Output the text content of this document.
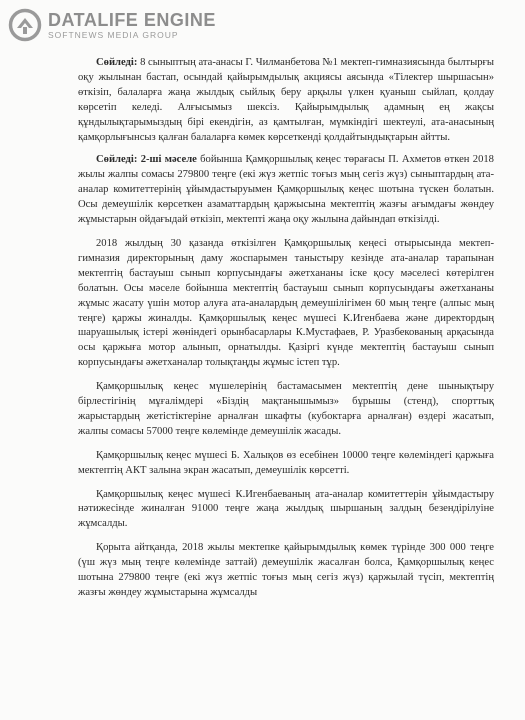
DATALIFE ENGINE
SOFTNEWS MEDIA GROUP

Сөйледі: 8 сыныптың ата-анасы Г. Чилманбетова №1 мектеп-гимназиясында былтырғы оқу жылынан бастап, осындай қайырымдылық акциясы аясында «Тілектер шыршасын» өткізіп, балаларға жаңа жылдық сыйлық беру арқылы үлкен қуаныш сыйлап, қолдау көрсетіп келеді. Алғысымыз шексіз. Қайырымдылық адамның ең жақсы құндылықтарымыздың бірі екендігін, аз қамтылған, мүмкіндігі шектеулі, ата-анасының қамқорлығынсыз қалған балаларға көмек көрсеткенді қолдайтындықтарын айтты.

Сөйледі: 2-ші мәселе бойынша Қамқоршылық кеңес төрағасы П. Ахметов өткен 2018 жылы жалпы сомасы 279800 теңге (екі жүз жетпіс тоғыз мың сегіз жүз) сыныптардың ата-аналар комитеттерінің ұйымдастыруымен Қамқоршылық кеңес шотына түскен болатын. Осы демеушілік көрсеткен азаматтардың қаржысына мектептің жазғы ағымдағы жөндеу жұмыстарын ойдағыдай өткізіп, мектепті жаңа оқу жылына дайындап өткізілді.

2018 жылдың 30 қазанда өткізілген Қамқоршылық кеңесі отырысында мектеп-гимназия директорының даму жоспарымен таныстыру кезінде ата-аналар тарапынан мектептің бастауыш сынып корпусындағы әжетхананы іске қосу мәселесі көтерілген болатын. Осы мәселе бойынша мектептің бастауыш сынып корпусындағы әжетхананы жұмыс жасату үшін мотор алуға ата-аналардың демеушілігімен 60 мың теңге (алпыс мың теңге) қаржы жиналды. Қамқоршылық кеңес мүшесі К.Игенбаева және директордың шаруашылық істері жөніндегі орынбасарлары К.Мустафаев, Р. Уразбекованың арқасында осы қаржыға мотор алынып, орнатылды. Қазіргі күнде мектептің бастауыш сынып корпусындағы әжетханалар толықтаңды жұмыс істеп тұр.

Қамқоршылық кеңес мүшелерінің бастамасымен мектептің дене шынықтыру бірлестігінің мұғалімдері «Біздің мақтанышымыз» бұрышы (стенд), спорттық жарыстардың жетістіктеріне арналған шкафты (кубоктарға арналған) өздері жасатып, жалпы сомасы 57000 теңге көлемінде демеушілік жасады.

Қамқоршылық кеңес мүшесі Б. Халықов өз есебінен 10000 теңге көлеміндегі қаржыға мектептің АКТ залына экран жасатып, демеушілік көрсетті.

Қамқоршылық кеңес мүшесі К.Игенбаеваның ата-аналар комитеттерін ұйымдастыру нәтижесінде жиналған 91000 теңге жаңа жылдық шыршаның залдың безендірілуіне жұмсалды.

Қорыта айтқанда, 2018 жылы мектепке қайырымдылық көмек түрінде 300 000 теңге (үш жүз мың теңге көлемінде заттай) демеушілік жасалған болса, Қамқоршылық кеңес шотына 279800 теңге (екі жүз жетпіс тоғыз мың сегіз жүз) қаржылай түсіп, мектептің жазғы жөндеу жұмыстарына жұмсалды
